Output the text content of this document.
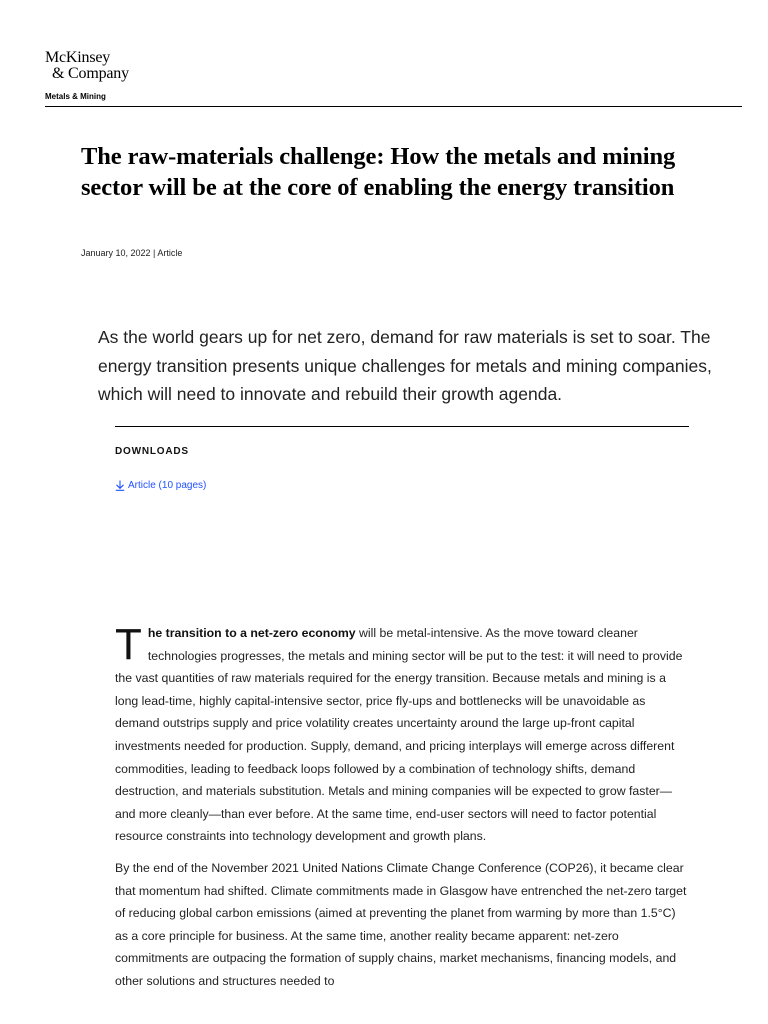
McKinsey
& Company
Metals & Mining
The raw-materials challenge: How the metals and mining sector will be at the core of enabling the energy transition
January 10, 2022 | Article

As the world gears up for net zero, demand for raw materials is set to soar. The energy transition presents unique challenges for metals and mining companies, which will need to innovate and rebuild their growth agenda.

DOWNLOADS
Article (10 pages)

T he transition to a net-zero economy will be metal-intensive. As the move toward cleaner technologies progresses, the metals and mining sector will be put to the test: it will need to provide the vast quantities of raw materials required for the energy transition. Because metals and mining is a long lead-time, highly capital-intensive sector, price fly-ups and bottlenecks will be unavoidable as demand outstrips supply and price volatility creates uncertainty around the large up-front capital investments needed for production. Supply, demand, and pricing interplays will emerge across different commodities, leading to feedback loops followed by a combination of technology shifts, demand destruction, and materials substitution. Metals and mining companies will be expected to grow faster—and more cleanly—than ever before. At the same time, end-user sectors will need to factor potential resource constraints into technology development and growth plans.

By the end of the November 2021 United Nations Climate Change Conference (COP26), it became clear that momentum had shifted. Climate commitments made in Glasgow have entrenched the net-zero target of reducing global carbon emissions (aimed at preventing the planet from warming by more than 1.5°C) as a core principle for business. At the same time, another reality became apparent: net-zero commitments are outpacing the formation of supply chains, market mechanisms, financing models, and other solutions and structures needed to
